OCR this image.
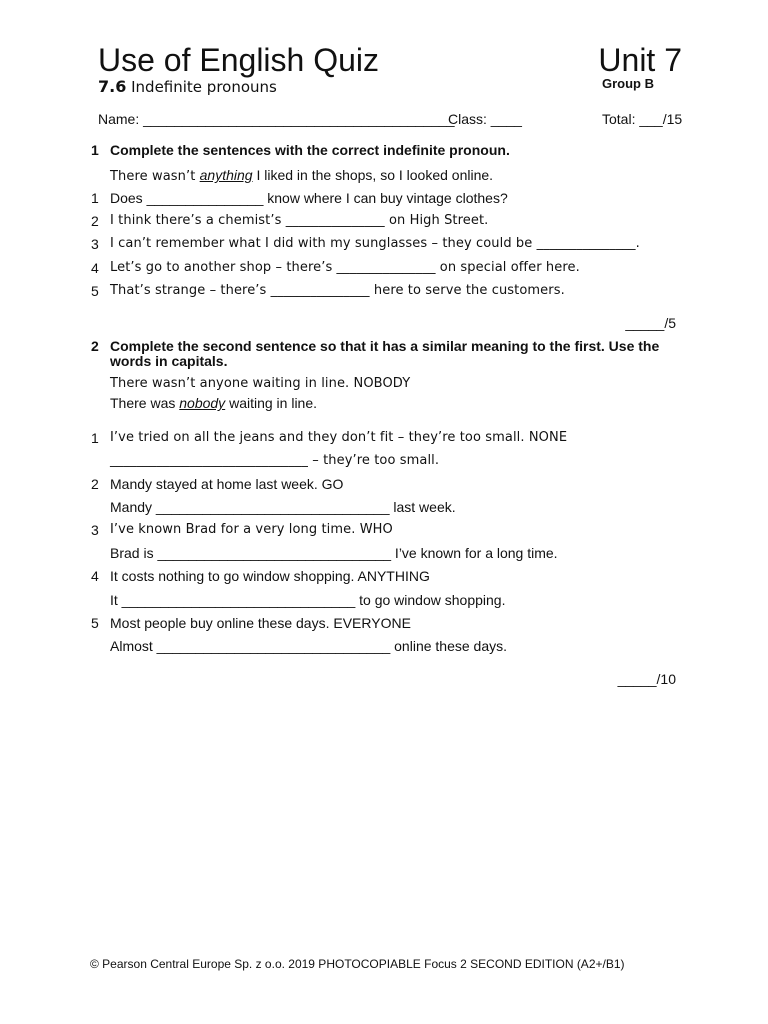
Use of English Quiz	Unit 7
7.6 Indefinite pronouns	Group B
Name: ________________________________________
Class: ____	Total: ___/15
1 Complete the sentences with the correct indefinite pronoun.
There wasn’t anything I liked in the shops, so I looked online.
1 Does _______________ know where I can buy vintage clothes?
2 I think there’s a chemist’s _______________ on High Street.
3 I can’t remember what I did with my sunglasses – they could be _______________.
4 Let’s go to another shop – there’s _______________ on special offer here.
5 That’s strange – there’s _______________ here to serve the customers.
_____/5
2 Complete the second sentence so that it has a similar meaning to the first. Use the
words in capitals.
There wasn’t anyone waiting in line. NOBODY
There was nobody waiting in line.
1 I’ve tried on all the jeans and they don’t fit – they’re too small. NONE
______________________________ – they’re too small.
2 Mandy stayed at home last week. GO
Mandy ______________________________ last week.
3 I’ve known Brad for a very long time. WHO
Brad is ______________________________ I’ve known for a long time.
4 It costs nothing to go window shopping. ANYTHING
It ______________________________ to go window shopping.
5 Most people buy online these days. EVERYONE
Almost ______________________________ online these days.
_____/10
© Pearson Central Europe Sp. z o.o. 2019 PHOTOCOPIABLE Focus 2 SECOND EDITION (A2+/B1)
